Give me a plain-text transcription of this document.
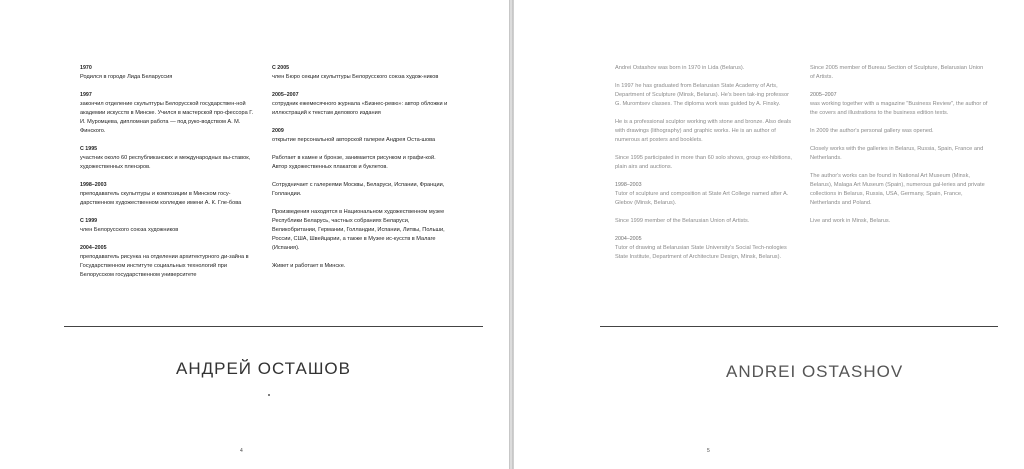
1970
Родился в городе Лидa Беларуссия
1997
закончил отделение скульптуры Белорусской государствен-ной академии искусств в Минске. Учился в мастерской про-фессора Г. И. Муромцева, дипломная работа — под руко-водством А. М. Финского.
С 1995
участник около 60 республиканских и международных вы-ставок, художественных пленэров.
1998–2003
преподаватель скульптуры и композиции в Минском госу-дарственном художественном колледже имени А. К. Глe-бова
С 1999
член Белорусского союза художников
2004–2005
преподаватель рисунка на отделении архитектурного ди-зайна в Государственном институте социальных технологий при Белорусском государственном университете
С 2005
член Бюро секции скульптуры Белорусского союза худож-ников
2005–2007
сотрудник ежемесячного журнала «Бизнес-ревю»: автор обложки и иллюстраций к текстам делового издания
2009
открытие персональной авторской галереи Андрея Оста-шова
Работает в камне и бронзе, занимается рисунком и графи-кой. Автор художественных плакатов и буклетов.
Сотрудничает с галереями Москвы, Беларуси, Испании, Франции, Голландии.
Произведения находятся в Национальном художественном музее Республики Беларусь, частных собраниях Беларуси, Великобритании, Германии, Голландии, Испании, Литвы, Польши, России, США, Швейцарии, а также в Музее ис-кусств в Малаге (Испания).
Живет и работает в Минске.
АНДРЕЙ ОСТАШОВ
4
Andrei Ostashov was born in 1970 in Lida (Belarus).
In 1997 he has graduated from Belarusian State Academy of Arts, Department of Sculpture (Minsk, Belarus). He's been tak-ing professor G. Muromtsev classes. The diploma work was guided by A. Finsky.
He is a professional sculptor working with stone and bronze. Also deals with drawings (lithography) and graphic works. He is an author of numerous art posters and booklets.
Since 1995 participated in more than 60 solo shows, group ex-hibitions, plain airs and auctions.
1998–2003
Tutor of sculpture and composition at State Art College named after A. Glebov (Minsk, Belarus).
Since 1999 member of the Belarusian Union of Artists.
2004–2005
Tutor of drawing at Belarusian State University's Social Tech-nologies State Institute, Department of Architecture Design, Minsk, Belarus).
Since 2005 member of Bureau Section of Sculpture, Belarusian Union of Artists.
2005–2007
was working together with a magazine "Business Review", the author of the covers and illustrations to the business edition texts.
In 2009 the author's personal gallery was opened.
Closely works with the galleries in Belarus, Russia, Spain, France and Netherlands.
The author's works can be found in National Art Museum (Minsk, Belarus), Malaga Art Museum (Spain), numerous gal-leries and private collections in Belarus, Russia, USA, Germany, Spain, France, Netherlands and Poland.
Live and work in Minsk, Belarus.
ANDREI OSTASHOV
5
